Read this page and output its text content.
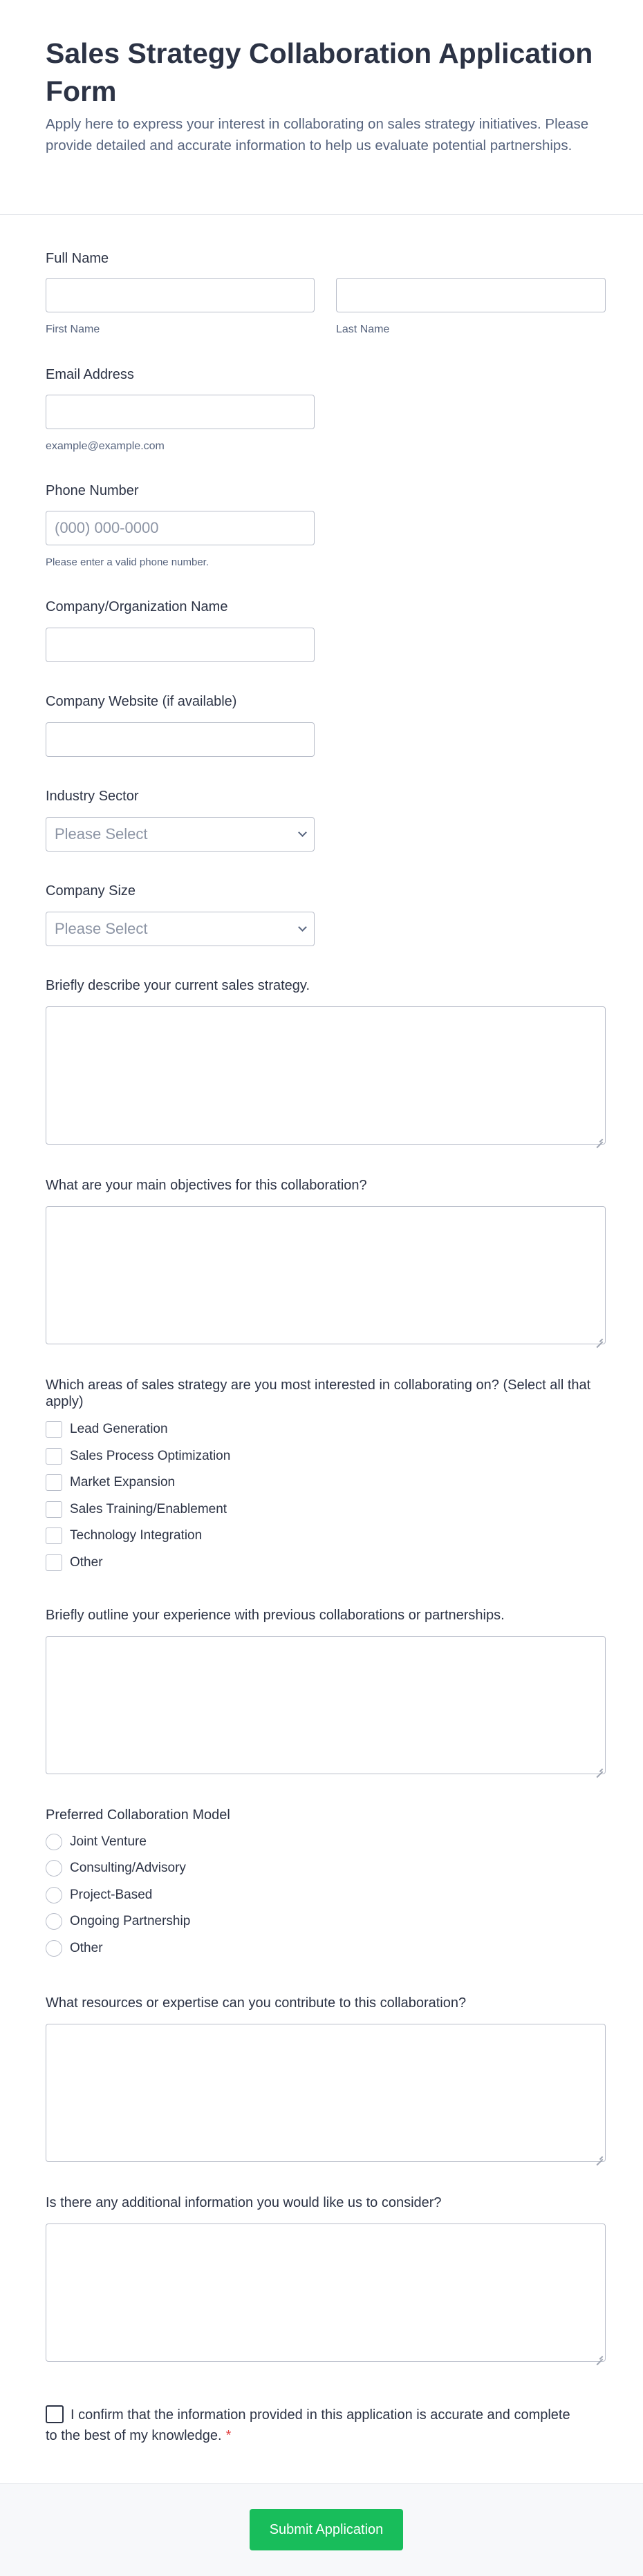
Sales Strategy Collaboration Application Form

Apply here to express your interest in collaborating on sales strategy initiatives. Please provide detailed and accurate information to help us evaluate potential partnerships.

Full Name
First Name	Last Name
Email Address
example@example.com
Phone Number
(000) 000-0000
Please enter a valid phone number.
Company/Organization Name
Company Website (if available)
Industry Sector
Please Select
Company Size
Please Select
Briefly describe your current sales strategy.
What are your main objectives for this collaboration?
Which areas of sales strategy are you most interested in collaborating on? (Select all that apply)
Lead Generation
Sales Process Optimization
Market Expansion
Sales Training/Enablement
Technology Integration
Other
Briefly outline your experience with previous collaborations or partnerships.
Preferred Collaboration Model
Joint Venture
Consulting/Advisory
Project-Based
Ongoing Partnership
Other
What resources or expertise can you contribute to this collaboration?
Is there any additional information you would like us to consider?
I confirm that the information provided in this application is accurate and complete to the best of my knowledge. *
Submit Application
